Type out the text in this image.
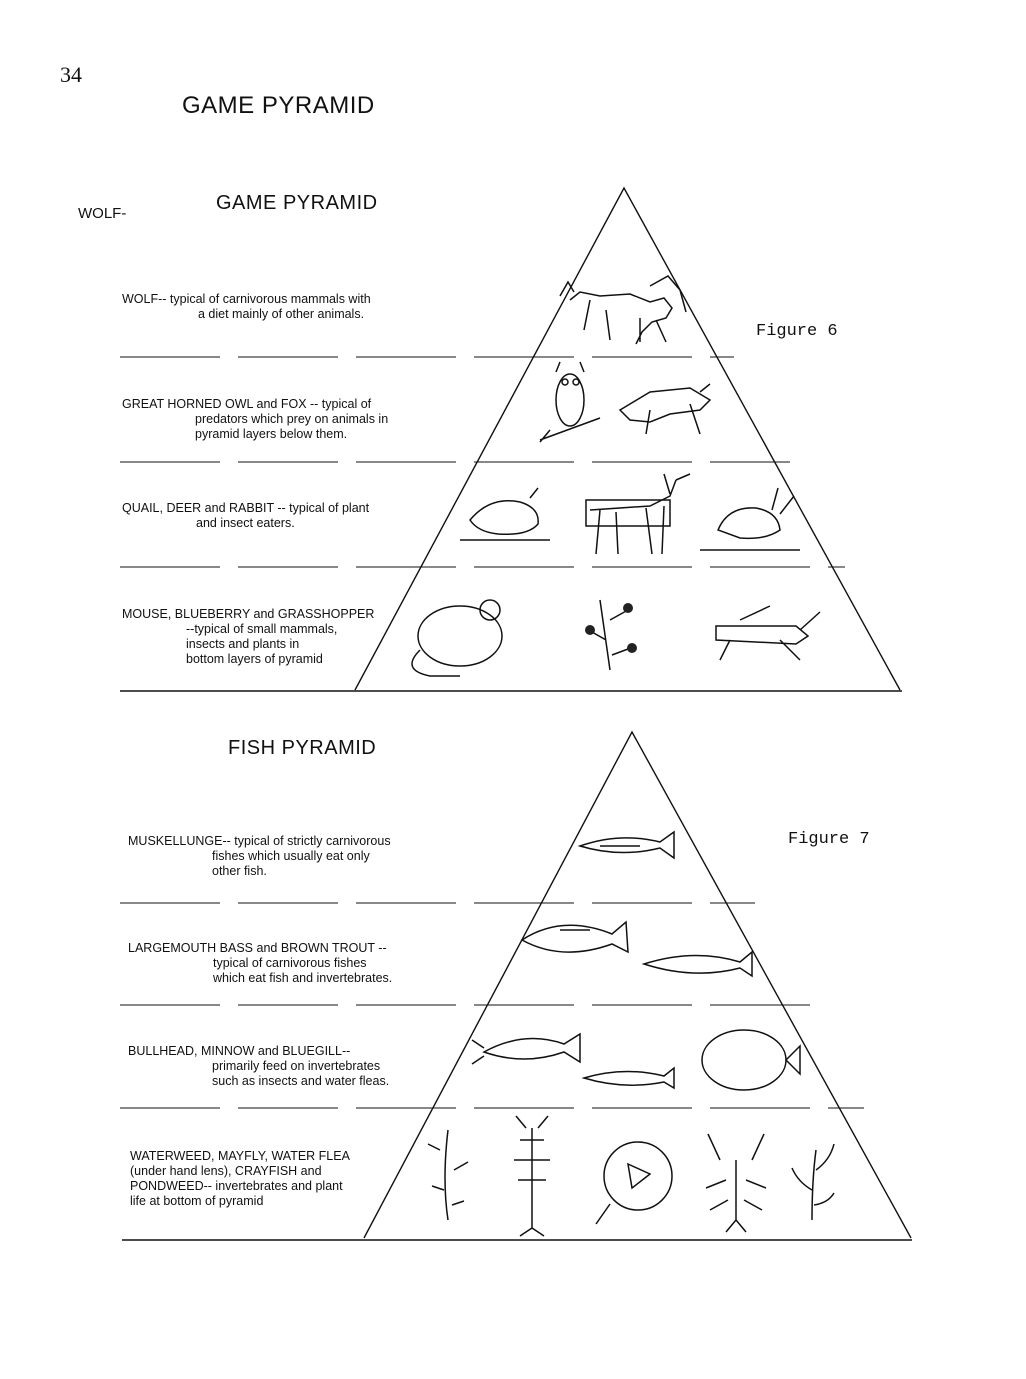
34
GAME PYRAMID
WOLF-	GAME PYRAMID
Figure 6
WOLF-- typical of carnivorous mammals with
a diet mainly of other animals.
GREAT HORNED OWL and FOX -- typical of
predators which prey on animals in
pyramid layers below them.
QUAIL, DEER and RABBIT -- typical of plant
and insect eaters.
MOUSE, BLUEBERRY and GRASSHOPPER
--typical of small mammals,
insects and plants in
bottom layers of pyramid
FISH PYRAMID
Figure 7
MUSKELLUNGE-- typical of strictly carnivorous
fishes which usually eat only
other fish.
LARGEMOUTH BASS and BROWN TROUT --
typical of carnivorous fishes
which eat fish and invertebrates.
BULLHEAD, MINNOW and BLUEGILL--
primarily feed on invertebrates
such as insects and water fleas.
WATERWEED, MAYFLY, WATER FLEA
(under hand lens), CRAYFISH and
PONDWEED-- invertebrates and plant
life at bottom of pyramid
